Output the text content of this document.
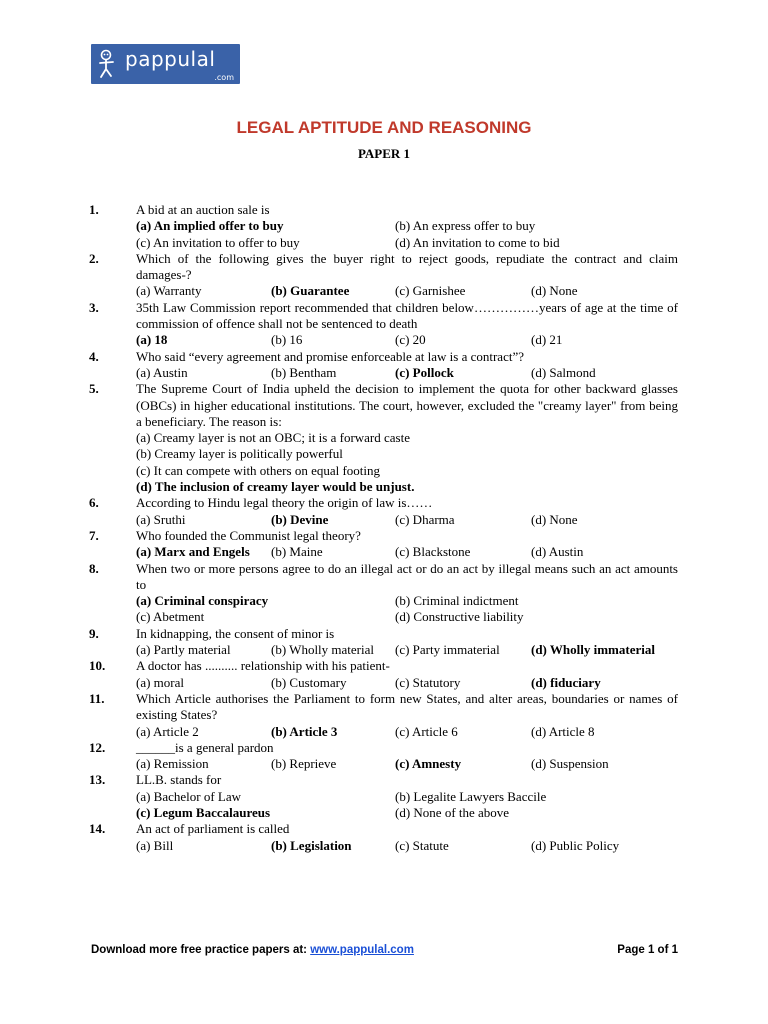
pappulal
.com
LEGAL APTITUDE AND REASONING
PAPER 1
1.	A bid at an auction sale is
(a) An implied offer to buy	(b) An express offer to buy
(c) An invitation to offer to buy	(d) An invitation to come to bid
2.	Which of the following gives the buyer right to reject goods, repudiate the contract and claim damages-?
(a) Warranty	(b) Guarantee	(c) Garnishee	(d) None
3.	35th Law Commission report recommended that children below……………years of age at the time of commission of offence shall not be sentenced to death
(a) 18	(b) 16	(c) 20	(d) 21
4.	Who said “every agreement and promise enforceable at law is a contract”?
(a) Austin	(b) Bentham	(c) Pollock	(d) Salmond
5.	The Supreme Court of India upheld the decision to implement the quota for other backward glasses (OBCs) in higher educational institutions. The court, however, excluded the "creamy layer" from being a beneficiary. The reason is:
(a) Creamy layer is not an OBC; it is a forward caste
(b) Creamy layer is politically powerful
(c) It can compete with others on equal footing
(d) The inclusion of creamy layer would be unjust.
6.	According to Hindu legal theory the origin of law is……
(a) Sruthi	(b) Devine	(c) Dharma	(d) None
7.	Who founded the Communist legal theory?
(a) Marx and Engels (b) Maine	(c) Blackstone	(d) Austin
8.	When two or more persons agree to do an illegal act or do an act by illegal means such an act amounts to
(a) Criminal conspiracy	(b) Criminal indictment
(c) Abetment	(d) Constructive liability
9.	In kidnapping, the consent of minor is
(a) Partly material	(b) Wholly material (c) Party immaterial (d) Wholly immaterial
10.	A doctor has .......... relationship with his patient-
(a) moral	(b) Customary	(c) Statutory	(d) fiduciary
11.	Which Article authorises the Parliament to form new States, and alter areas, boundaries or names of existing States?
(a) Article 2	(b) Article 3	(c) Article 6	(d) Article 8
12.	______is a general pardon
(a) Remission	(b) Reprieve	(c) Amnesty	(d) Suspension
13.	LL.B. stands for
(a) Bachelor of Law	(b) Legalite Lawyers Baccile
(c) Legum Baccalaureus	(d) None of the above
14.	An act of parliament is called
(a) Bill	(b) Legislation	(c) Statute	(d) Public Policy
Download more free practice papers at: www.pappulal.com	Page 1 of 1
